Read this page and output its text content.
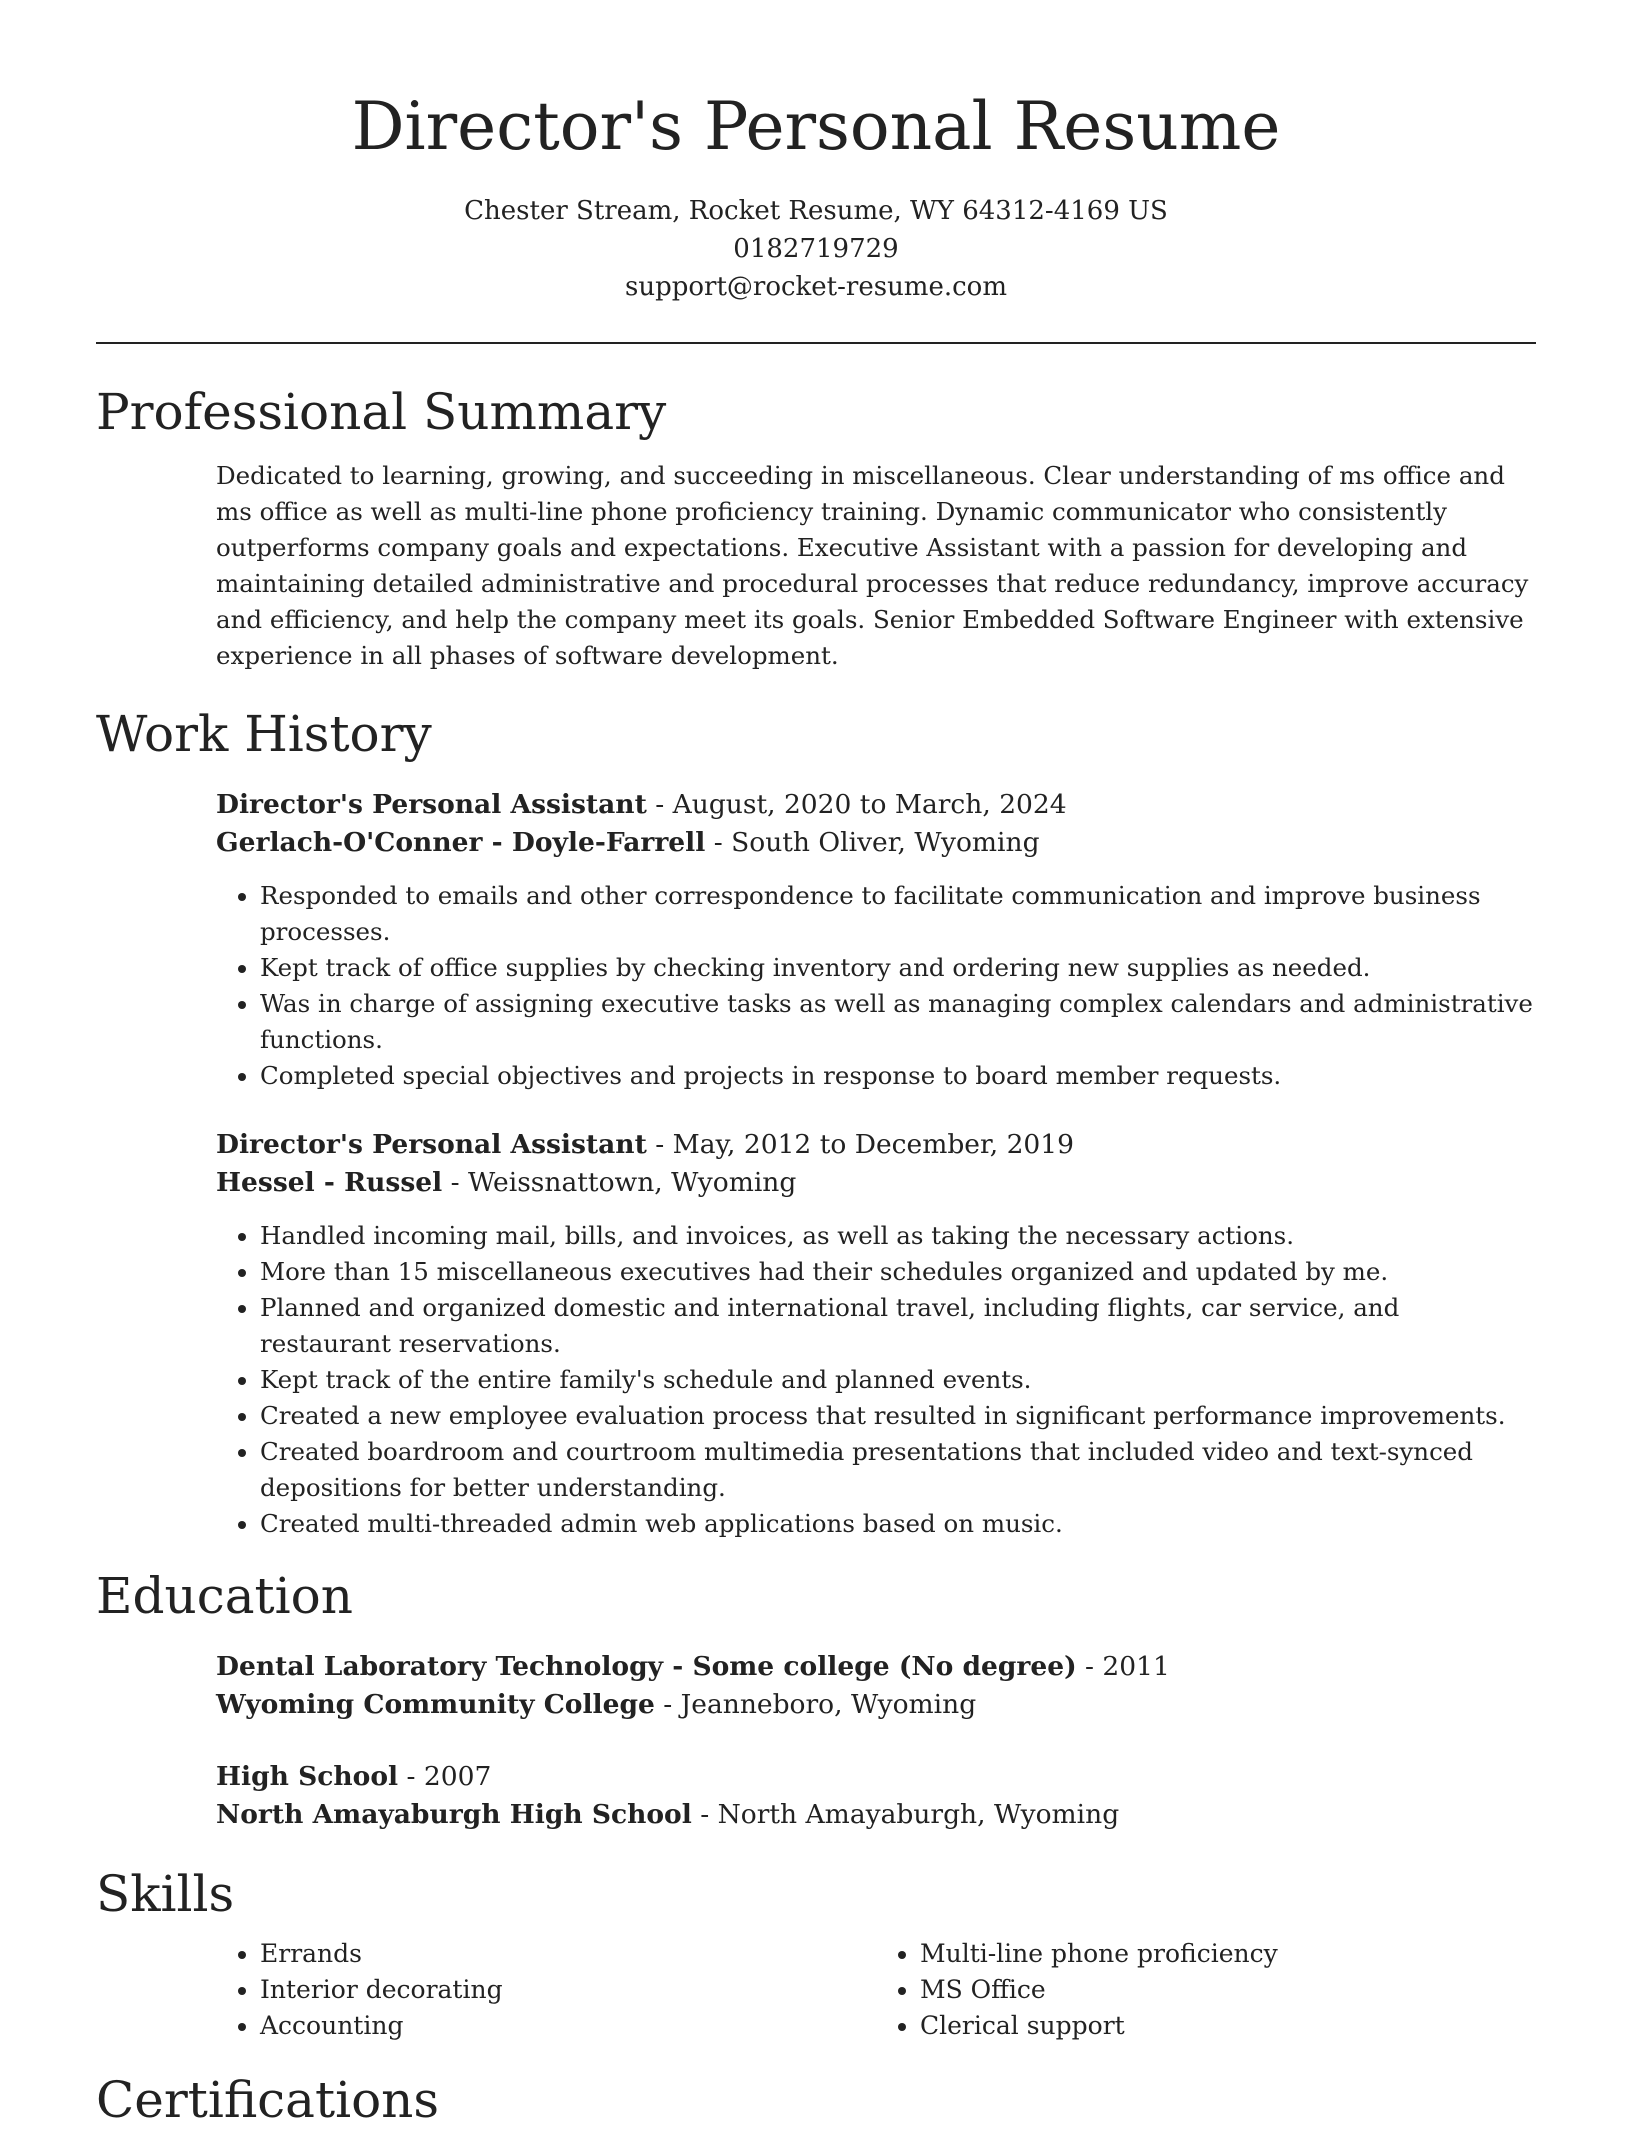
Director's Personal Resume
Chester Stream, Rocket Resume, WY 64312-4169 US
0182719729
support@rocket-resume.com
Professional Summary

Dedicated to learning, growing, and succeeding in miscellaneous. Clear understanding of ms office and ms office as well as multi-line phone proficiency training. Dynamic communicator who consistently outperforms company goals and expectations. Executive Assistant with a passion for developing and maintaining detailed administrative and procedural processes that reduce redundancy, improve accuracy and efficiency, and help the company meet its goals. Senior Embedded Software Engineer with extensive experience in all phases of software development.

Work History

Director's Personal Assistant - August, 2020 to March, 2024

Gerlach-O'Conner - Doyle-Farrell - South Oliver, Wyoming

• Responded to emails and other correspondence to facilitate communication and improve business processes.
• Kept track of office supplies by checking inventory and ordering new supplies as needed.
• Was in charge of assigning executive tasks as well as managing complex calendars and administrative functions.
• Completed special objectives and projects in response to board member requests.

Director's Personal Assistant - May, 2012 to December, 2019

Hessel - Russel - Weissnattown, Wyoming

• Handled incoming mail, bills, and invoices, as well as taking the necessary actions.
• More than 15 miscellaneous executives had their schedules organized and updated by me.
• Planned and organized domestic and international travel, including flights, car service, and restaurant reservations.
• Kept track of the entire family's schedule and planned events.
• Created a new employee evaluation process that resulted in significant performance improvements.
• Created boardroom and courtroom multimedia presentations that included video and text-synced depositions for better understanding.
• Created multi-threaded admin web applications based on music.
Education

Dental Laboratory Technology - Some college (No degree) - 2011

Wyoming Community College - Jeanneboro, Wyoming

High School - 2007

North Amayaburgh High School - North Amayaburgh, Wyoming

Skills
• Errands
• Interior decorating
• Accounting
• Multi-line phone proficiency
• MS Office
• Clerical support
Certifications
